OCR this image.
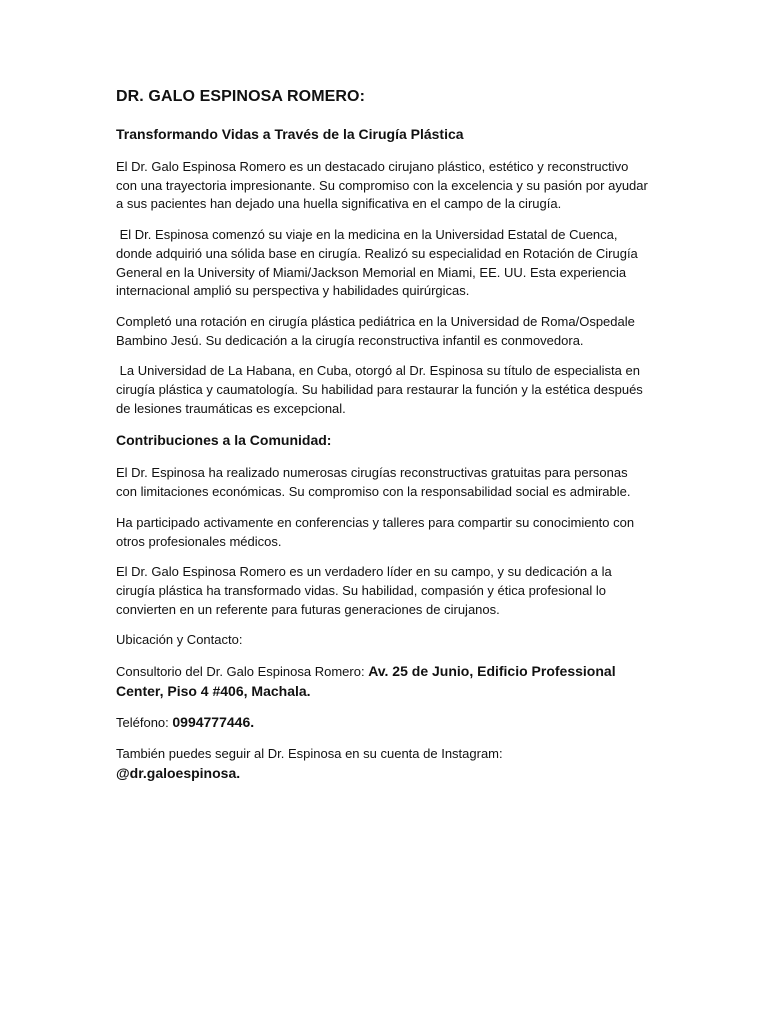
DR. GALO ESPINOSA ROMERO:
Transformando Vidas a Través de la Cirugía Plástica

El Dr. Galo Espinosa Romero es un destacado cirujano plástico, estético y reconstructivo con una trayectoria impresionante. Su compromiso con la excelencia y su pasión por ayudar a sus pacientes han dejado una huella significativa en el campo de la cirugía.

El Dr. Espinosa comenzó su viaje en la medicina en la Universidad Estatal de Cuenca, donde adquirió una sólida base en cirugía. Realizó su especialidad en Rotación de Cirugía General en la University of Miami/Jackson Memorial en Miami, EE. UU. Esta experiencia internacional amplió su perspectiva y habilidades quirúrgicas.

Completó una rotación en cirugía plástica pediátrica en la Universidad de Roma/Ospedale Bambino Jesú. Su dedicación a la cirugía reconstructiva infantil es conmovedora.

La Universidad de La Habana, en Cuba, otorgó al Dr. Espinosa su título de especialista en cirugía plástica y caumatología. Su habilidad para restaurar la función y la estética después de lesiones traumáticas es excepcional.

Contribuciones a la Comunidad:

El Dr. Espinosa ha realizado numerosas cirugías reconstructivas gratuitas para personas con limitaciones económicas. Su compromiso con la responsabilidad social es admirable.

Ha participado activamente en conferencias y talleres para compartir su conocimiento con otros profesionales médicos.

El Dr. Galo Espinosa Romero es un verdadero líder en su campo, y su dedicación a la cirugía plástica ha transformado vidas. Su habilidad, compasión y ética profesional lo convierten en un referente para futuras generaciones de cirujanos.

Ubicación y Contacto:

Consultorio del Dr. Galo Espinosa Romero: Av. 25 de Junio, Edificio Professional Center, Piso 4 #406, Machala.

Teléfono: 0994777446.

También puedes seguir al Dr. Espinosa en su cuenta de Instagram:
@dr.galoespinosa.
